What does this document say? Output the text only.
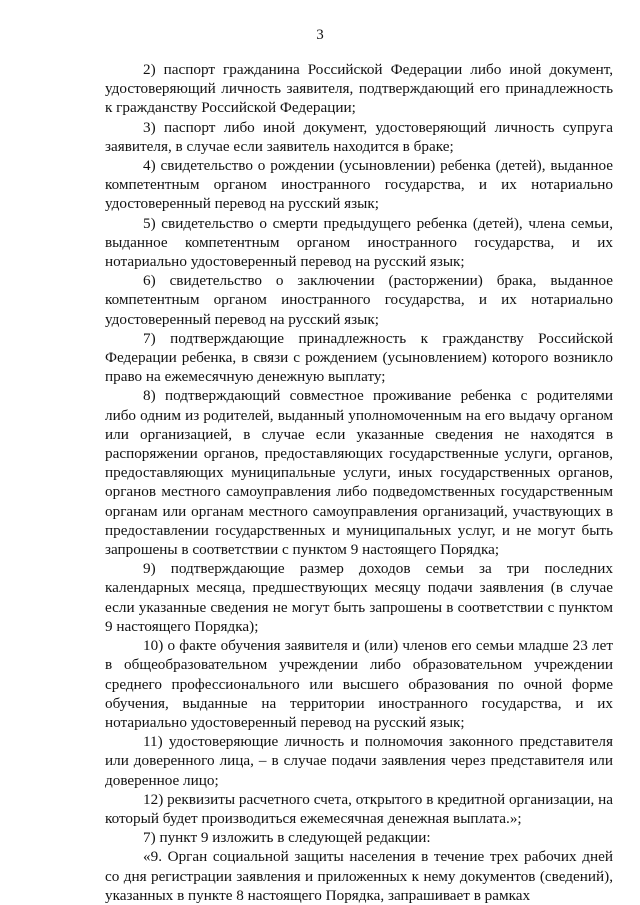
3

2) паспорт гражданина Российской Федерации либо иной документ, удостоверяющий личность заявителя, подтверждающий его принадлежность к гражданству Российской Федерации;

3) паспорт либо иной документ, удостоверяющий личность супруга заявителя, в случае если заявитель находится в браке;

4) свидетельство о рождении (усыновлении) ребенка (детей), выданное компетентным органом иностранного государства, и их нотариально удостоверенный перевод на русский язык;

5) свидетельство о смерти предыдущего ребенка (детей), члена семьи, выданное компетентным органом иностранного государства, и их нотариально удостоверенный перевод на русский язык;

6) свидетельство о заключении (расторжении) брака, выданное компетентным органом иностранного государства, и их нотариально удостоверенный перевод на русский язык;

7) подтверждающие принадлежность к гражданству Российской Федерации ребенка, в связи с рождением (усыновлением) которого возникло право на ежемесячную денежную выплату;

8) подтверждающий совместное проживание ребенка с родителями либо одним из родителей, выданный уполномоченным на его выдачу органом или организацией, в случае если указанные сведения не находятся в распоряжении органов, предоставляющих государственные услуги, органов, предоставляющих муниципальные услуги, иных государственных органов, органов местного самоуправления либо подведомственных государственным органам или органам местного самоуправления организаций, участвующих в предоставлении государственных и муниципальных услуг, и не могут быть запрошены в соответствии с пунктом 9 настоящего Порядка;

9) подтверждающие размер доходов семьи за три последних календарных месяца, предшествующих месяцу подачи заявления (в случае если указанные сведения не могут быть запрошены в соответствии с пунктом 9 настоящего Порядка);

10) о факте обучения заявителя и (или) членов его семьи младше 23 лет в общеобразовательном учреждении либо образовательном учреждении среднего профессионального или высшего образования по очной форме обучения, выданные на территории иностранного государства, и их нотариально удостоверенный перевод на русский язык;

11) удостоверяющие личность и полномочия законного представителя или доверенного лица, – в случае подачи заявления через представителя или доверенное лицо;

12) реквизиты расчетного счета, открытого в кредитной организации, на который будет производиться ежемесячная денежная выплата.»;

7) пункт 9 изложить в следующей редакции:

«9. Орган социальной защиты населения в течение трех рабочих дней со дня регистрации заявления и приложенных к нему документов (сведений), указанных в пункте 8 настоящего Порядка, запрашивает в рамках
